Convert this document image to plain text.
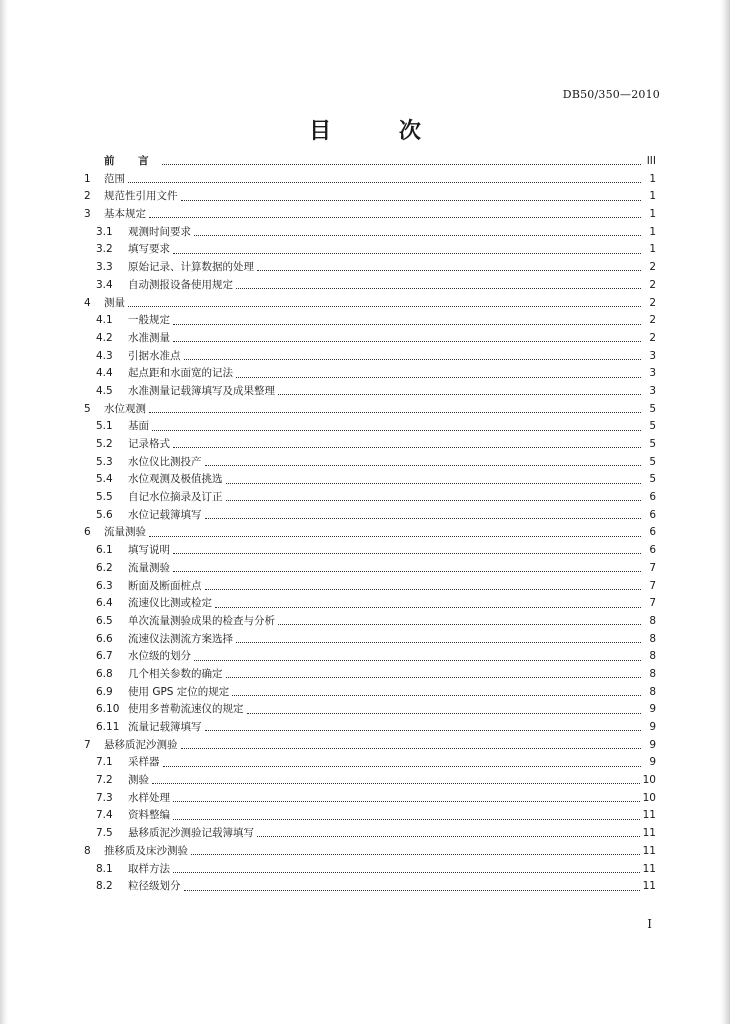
DB50/350—2010
目 次
前 言	III
1	范围	1
2	规范性引用文件	1
3	基本规定	1
3.1	观测时间要求	1
3.2	填写要求	1
3.3	原始记录、计算数据的处理	2
3.4	自动测报设备使用规定	2
4	测量	2
4.1	一般规定	2
4.2	水准测量	2
4.3	引据水准点	3
4.4	起点距和水面宽的记法	3
4.5	水准测量记载簿填写及成果整理	3
5	水位观测	5
5.1	基面	5
5.2	记录格式	5
5.3	水位仪比测投产	5
5.4	水位观测及极值挑选	5
5.5	自记水位摘录及订正	6
5.6	水位记载簿填写	6
6	流量测验	6
6.1	填写说明	6
6.2	流量测验	7
6.3	断面及断面桩点	7
6.4	流速仪比测或检定	7
6.5	单次流量测验成果的检查与分析	8
6.6	流速仪法测流方案选择	8
6.7	水位级的划分	8
6.8	几个相关参数的确定	8
6.9	使用 GPS 定位的规定	8
6.10 使用多普勒流速仪的规定	9
6.11 流量记载簿填写	9
7	悬移质泥沙测验	9
7.1	采样器	9
7.2	测验	10
7.3	水样处理	10
7.4	资料整编	11
7.5	悬移质泥沙测验记载簿填写	11
8	推移质及床沙测验	11
8.1	取样方法	11
8.2	粒径级划分	11
I
